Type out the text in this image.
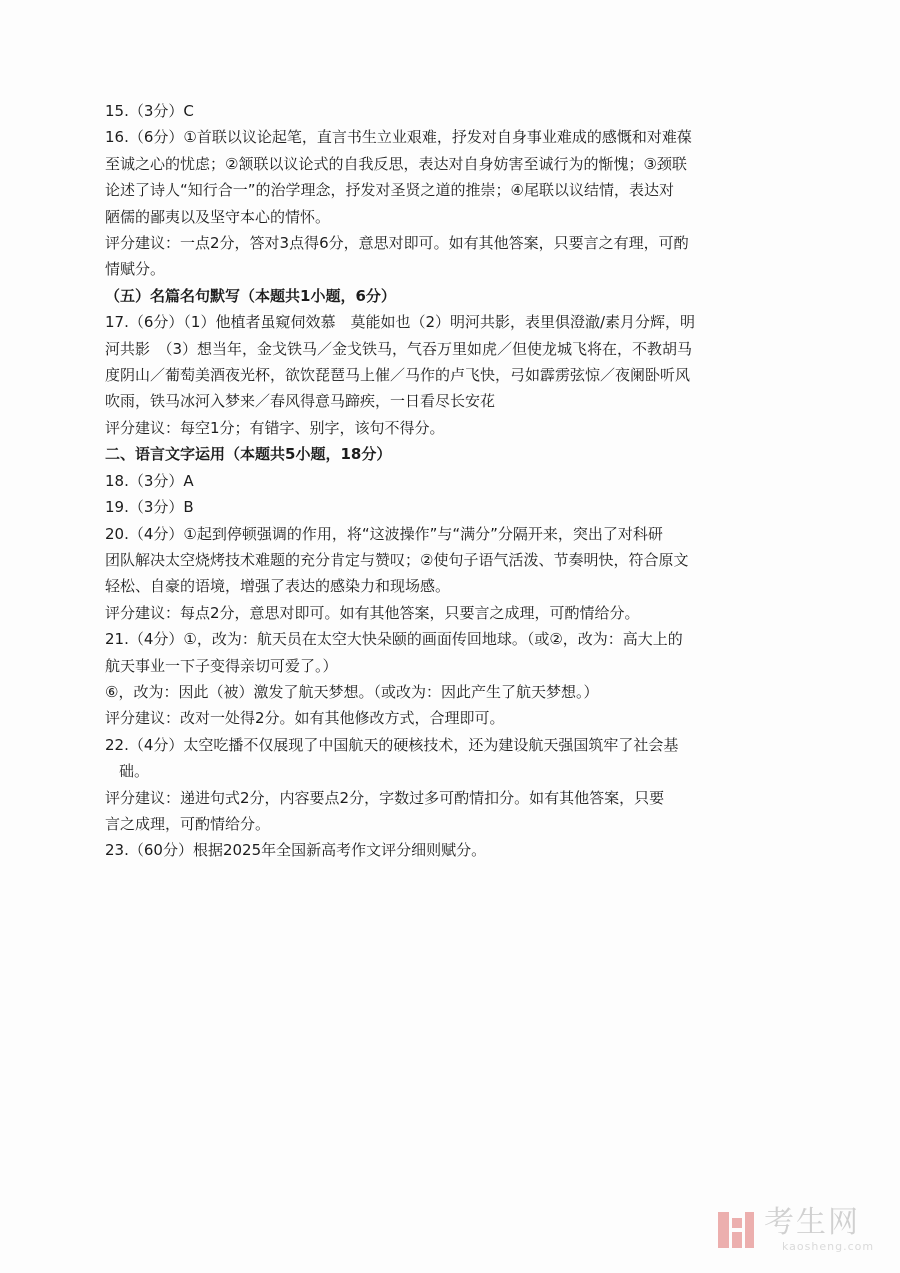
15.（3分）C
16.（6分）①首联以议论起笔，直言书生立业艰难，抒发对自身事业难成的感慨和对难葆
至诚之心的忧虑；②颔联以议论式的自我反思，表达对自身妨害至诚行为的惭愧；③颈联
论述了诗人“知行合一”的治学理念，抒发对圣贤之道的推崇；④尾联以议结情，表达对
陋儒的鄙夷以及坚守本心的情怀。
评分建议：一点2分，答对3点得6分，意思对即可。如有其他答案，只要言之有理，可酌
情赋分。
（五）名篇名句默写（本题共1小题，6分）
17.（6分）（1）他植者虽窥伺效慕　莫能如也（2）明河共影，表里俱澄澈/素月分辉，明
河共影　（3）想当年，金戈铁马／金戈铁马，气吞万里如虎／但使龙城飞将在，不教胡马
度阴山／葡萄美酒夜光杯，欲饮琵琶马上催／马作的卢飞快，弓如霹雳弦惊／夜阑卧听风
吹雨，铁马冰河入梦来／春风得意马蹄疾，一日看尽长安花
评分建议：每空1分；有错字、别字，该句不得分。
二、语言文字运用（本题共5小题，18分）
18.（3分）A
19.（3分）B
20.（4分）①起到停顿强调的作用，将“这波操作”与“满分”分隔开来，突出了对科研
团队解决太空烧烤技术难题的充分肯定与赞叹；②使句子语气活泼、节奏明快，符合原文
轻松、自豪的语境，增强了表达的感染力和现场感。
评分建议：每点2分，意思对即可。如有其他答案，只要言之成理，可酌情给分。
21.（4分）①，改为：航天员在太空大快朵颐的画面传回地球。（或②，改为：高大上的
航天事业一下子变得亲切可爱了。）
⑥，改为：因此（被）激发了航天梦想。（或改为：因此产生了航天梦想。）
评分建议：改对一处得2分。如有其他修改方式，合理即可。
22.（4分）太空吃播不仅展现了中国航天的硬核技术，还为建设航天强国筑牢了社会基
础。
评分建议：递进句式2分，内容要点2分，字数过多可酌情扣分。如有其他答案，只要
言之成理，可酌情给分。
23.（60分）根据2025年全国新高考作文评分细则赋分。
考生网
kaosheng.com
